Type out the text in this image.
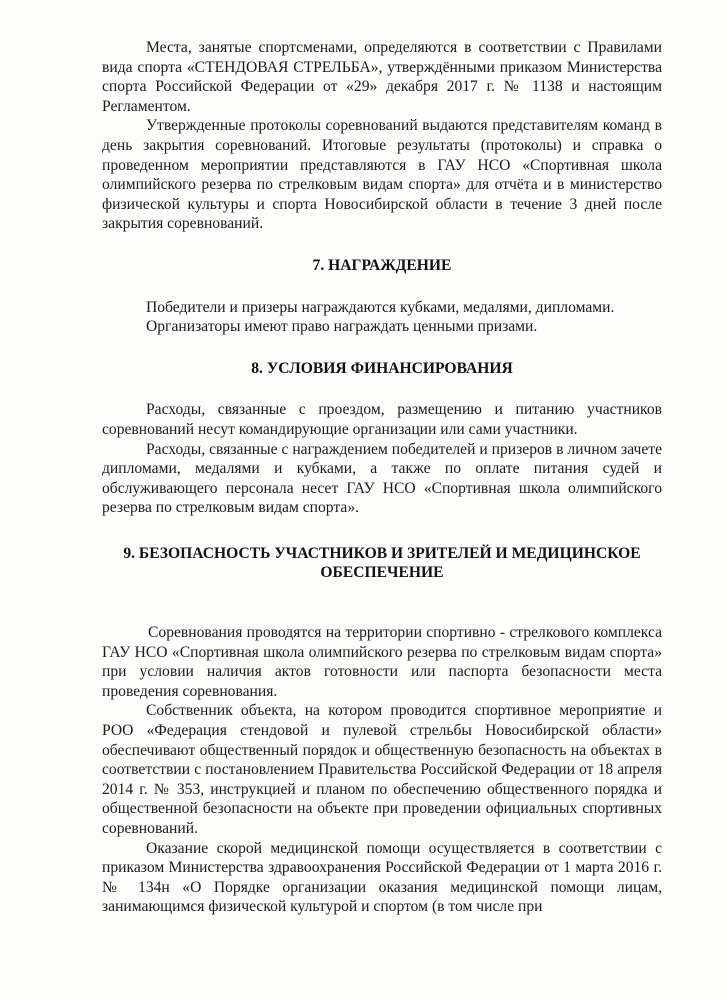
Места, занятые спортсменами, определяются в соответствии с Правилами вида спорта «СТЕНДОВАЯ СТРЕЛЬБА», утверждёнными приказом Министерства спорта Российской Федерации от «29» декабря 2017 г. № 1138 и настоящим Регламентом.

Утвержденные протоколы соревнований выдаются представителям команд в день закрытия соревнований. Итоговые результаты (протоколы) и справка о проведенном мероприятии представляются в ГАУ НСО «Спортивная школа олимпийского резерва по стрелковым видам спорта» для отчёта и в министерство физической культуры и спорта Новосибирской области в течение 3 дней после закрытия соревнований.

7. НАГРАЖДЕНИЕ

Победители и призеры награждаются кубками, медалями, дипломами.

Организаторы имеют право награждать ценными призами.

8. УСЛОВИЯ ФИНАНСИРОВАНИЯ

Расходы, связанные с проездом, размещению и питанию участников соревнований несут командирующие организации или сами участники.

Расходы, связанные с награждением победителей и призеров в личном зачете дипломами, медалями и кубками, а также по оплате питания судей и обслуживающего персонала несет ГАУ НСО «Спортивная школа олимпийского резерва по стрелковым видам спорта».

9. БЕЗОПАСНОСТЬ УЧАСТНИКОВ И ЗРИТЕЛЕЙ И МЕДИЦИНСКОЕ
ОБЕСПЕЧЕНИЕ

Соревнования проводятся на территории спортивно - стрелкового комплекса ГАУ НСО «Спортивная школа олимпийского резерва по стрелковым видам спорта» при условии наличия актов готовности или паспорта безопасности места проведения соревнования.

Собственник объекта, на котором проводится спортивное мероприятие и РОО «Федерация стендовой и пулевой стрельбы Новосибирской области» обеспечивают общественный порядок и общественную безопасность на объектах в соответствии с постановлением Правительства Российской Федерации от 18 апреля 2014 г. № 353, инструкцией и планом по обеспечению общественного порядка и общественной безопасности на объекте при проведении официальных спортивных соревнований.

Оказание скорой медицинской помощи осуществляется в соответствии с приказом Министерства здравоохранения Российской Федерации от 1 марта 2016 г. № 134н «О Порядке организации оказания медицинской помощи лицам, занимающимся физической культурой и спортом (в том числе при
